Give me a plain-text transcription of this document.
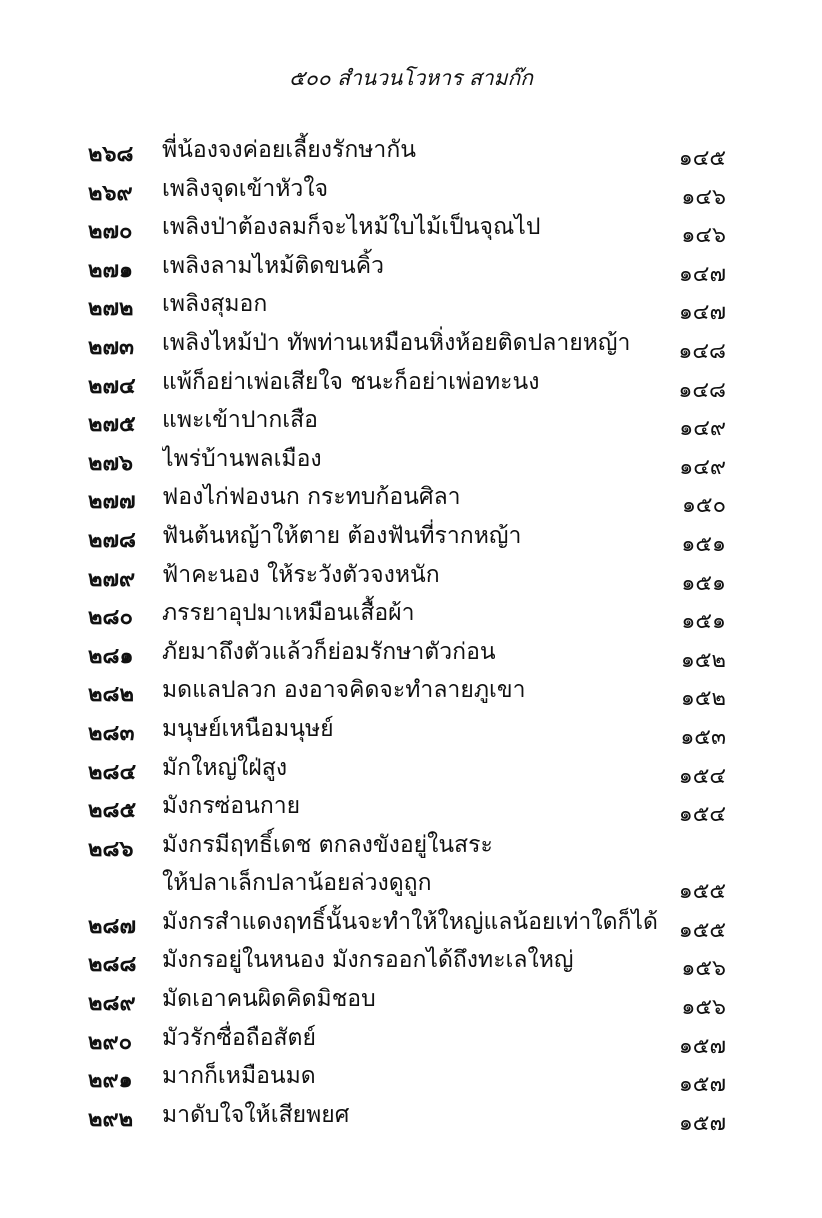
๕๐๐ สำนวนโวหาร สามก๊ก
๒๖๘	พี่น้องจงค่อยเลี้ยงรักษากัน	๑๔๕
๒๖๙	เพลิงจุดเข้าหัวใจ	๑๔๖
๒๗๐	เพลิงป่าต้องลมก็จะไหม้ใบไม้เป็นจุณไป	๑๔๖
๒๗๑	เพลิงลามไหม้ติดขนคิ้ว	๑๔๗
๒๗๒	เพลิงสุมอก	๑๔๗
๒๗๓	เพลิงไหม้ป่า ทัพท่านเหมือนหิ่งห้อยติดปลายหญ้า	๑๔๘
๒๗๔	แพ้ก็อย่าเพ่อเสียใจ ชนะก็อย่าเพ่อทะนง	๑๔๘
๒๗๕	แพะเข้าปากเสือ	๑๔๙
๒๗๖	ไพร่บ้านพลเมือง	๑๔๙
๒๗๗	ฟองไก่ฟองนก กระทบก้อนศิลา	๑๕๐
๒๗๘	ฟันต้นหญ้าให้ตาย ต้องฟันที่รากหญ้า	๑๕๑
๒๗๙	ฟ้าคะนอง ให้ระวังตัวจงหนัก	๑๕๑
๒๘๐	ภรรยาอุปมาเหมือนเสื้อผ้า	๑๕๑
๒๘๑	ภัยมาถึงตัวแล้วก็ย่อมรักษาตัวก่อน	๑๕๒
๒๘๒	มดแลปลวก องอาจคิดจะทำลายภูเขา	๑๕๒
๒๘๓	มนุษย์เหนือมนุษย์	๑๕๓
๒๘๔	มักใหญ่ใฝ่สูง	๑๕๔
๒๘๕	มังกรซ่อนกาย	๑๕๔
๒๘๖	มังกรมีฤทธิ์เดช ตกลงขังอยู่ในสระ
ให้ปลาเล็กปลาน้อยล่วงดูถูก	๑๕๕
๒๘๗	มังกรสำแดงฤทธิ์นั้นจะทำให้ใหญ่แลน้อยเท่าใดก็ได้ ๑๕๕
๒๘๘	มังกรอยู่ในหนอง มังกรออกได้ถึงทะเลใหญ่	๑๕๖
๒๘๙	มัดเอาคนผิดคิดมิชอบ	๑๕๖
๒๙๐	มัวรักซื่อถือสัตย์	๑๕๗
๒๙๑	มากก็เหมือนมด	๑๕๗
๒๙๒	มาดับใจให้เสียพยศ	๑๕๗
